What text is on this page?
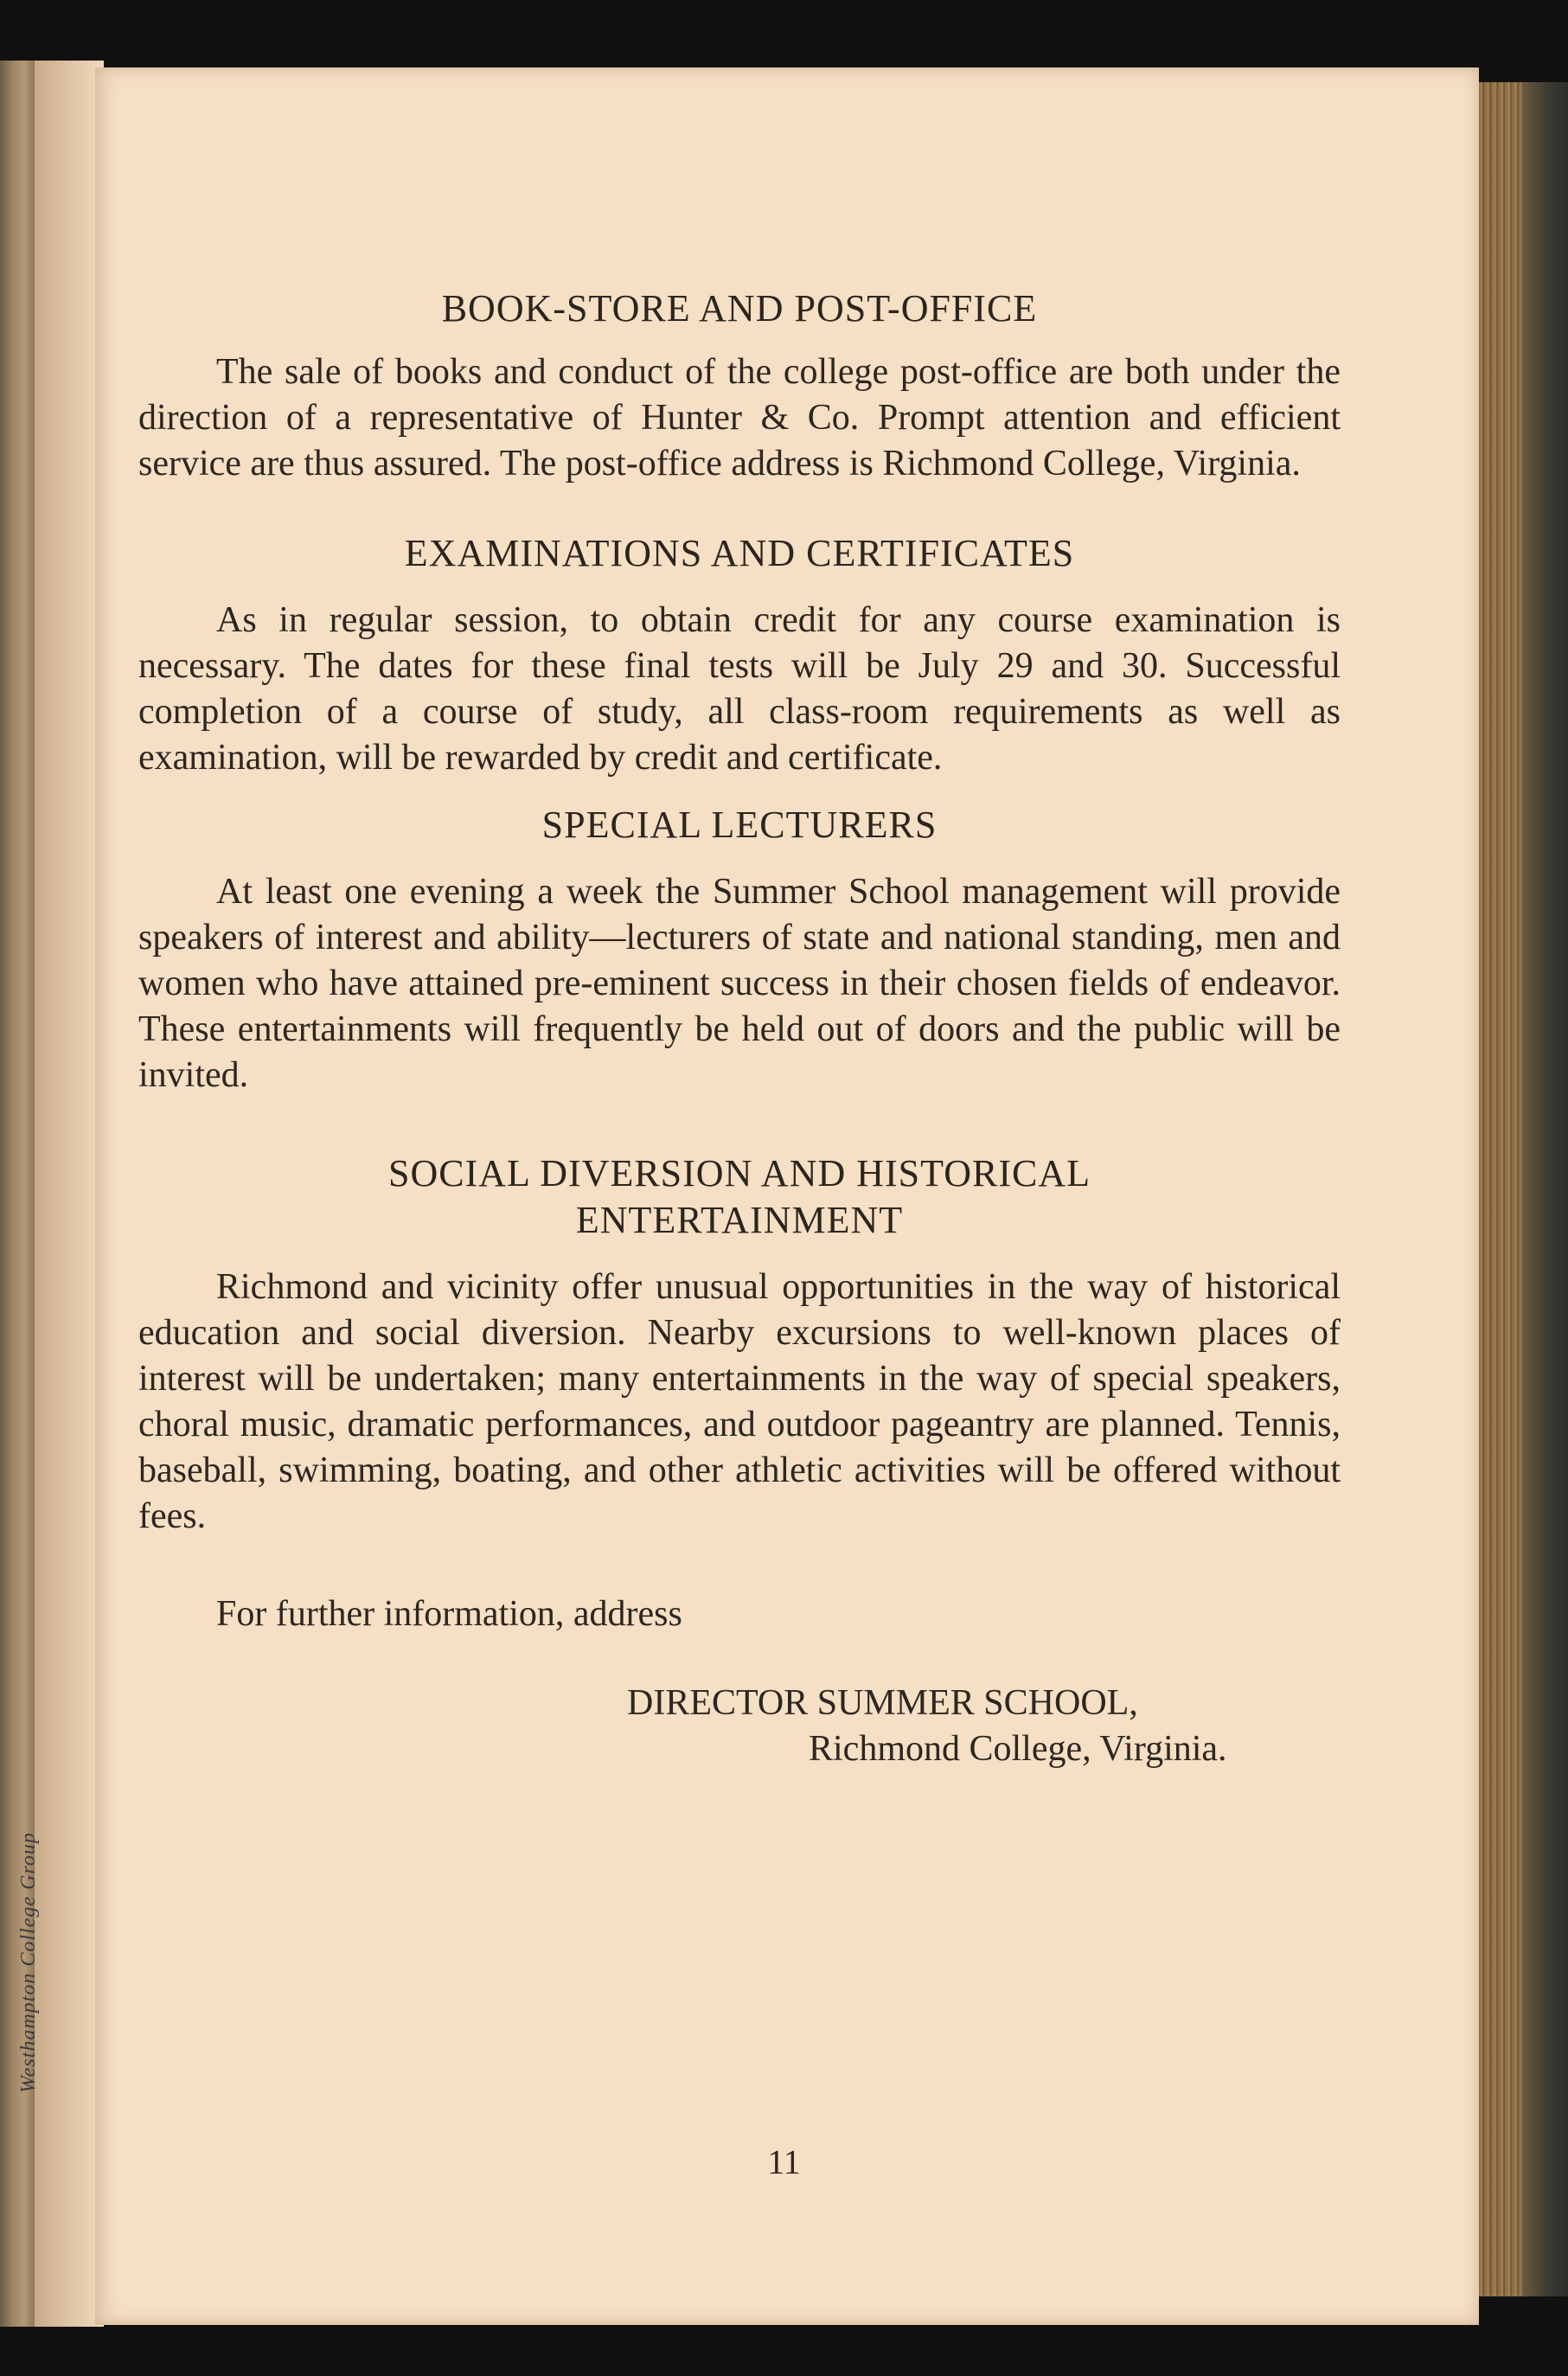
Westhampton College Group
BOOK-STORE AND POST-OFFICE

The sale of books and conduct of the college post-office are both under the direction of a representative of Hunter & Co. Prompt attention and efficient service are thus assured. The post-office address is Richmond College, Virginia.

EXAMINATIONS AND CERTIFICATES

As in regular session, to obtain credit for any course examination is necessary. The dates for these final tests will be July 29 and 30. Successful completion of a course of study, all class-room requirements as well as examination, will be rewarded by credit and certificate.

SPECIAL LECTURERS

At least one evening a week the Summer School management will provide speakers of interest and ability—lecturers of state and national standing, men and women who have attained pre-eminent success in their chosen fields of endeavor. These entertainments will frequently be held out of doors and the public will be invited.

SOCIAL DIVERSION AND HISTORICAL ENTERTAINMENT

Richmond and vicinity offer unusual opportunities in the way of historical education and social diversion. Nearby excursions to well-known places of interest will be undertaken; many entertainments in the way of special speakers, choral music, dramatic performances, and outdoor pageantry are planned. Tennis, baseball, swimming, boating, and other athletic activities will be offered without fees.

For further information, address

DIRECTOR SUMMER SCHOOL,
Richmond College, Virginia.
11
